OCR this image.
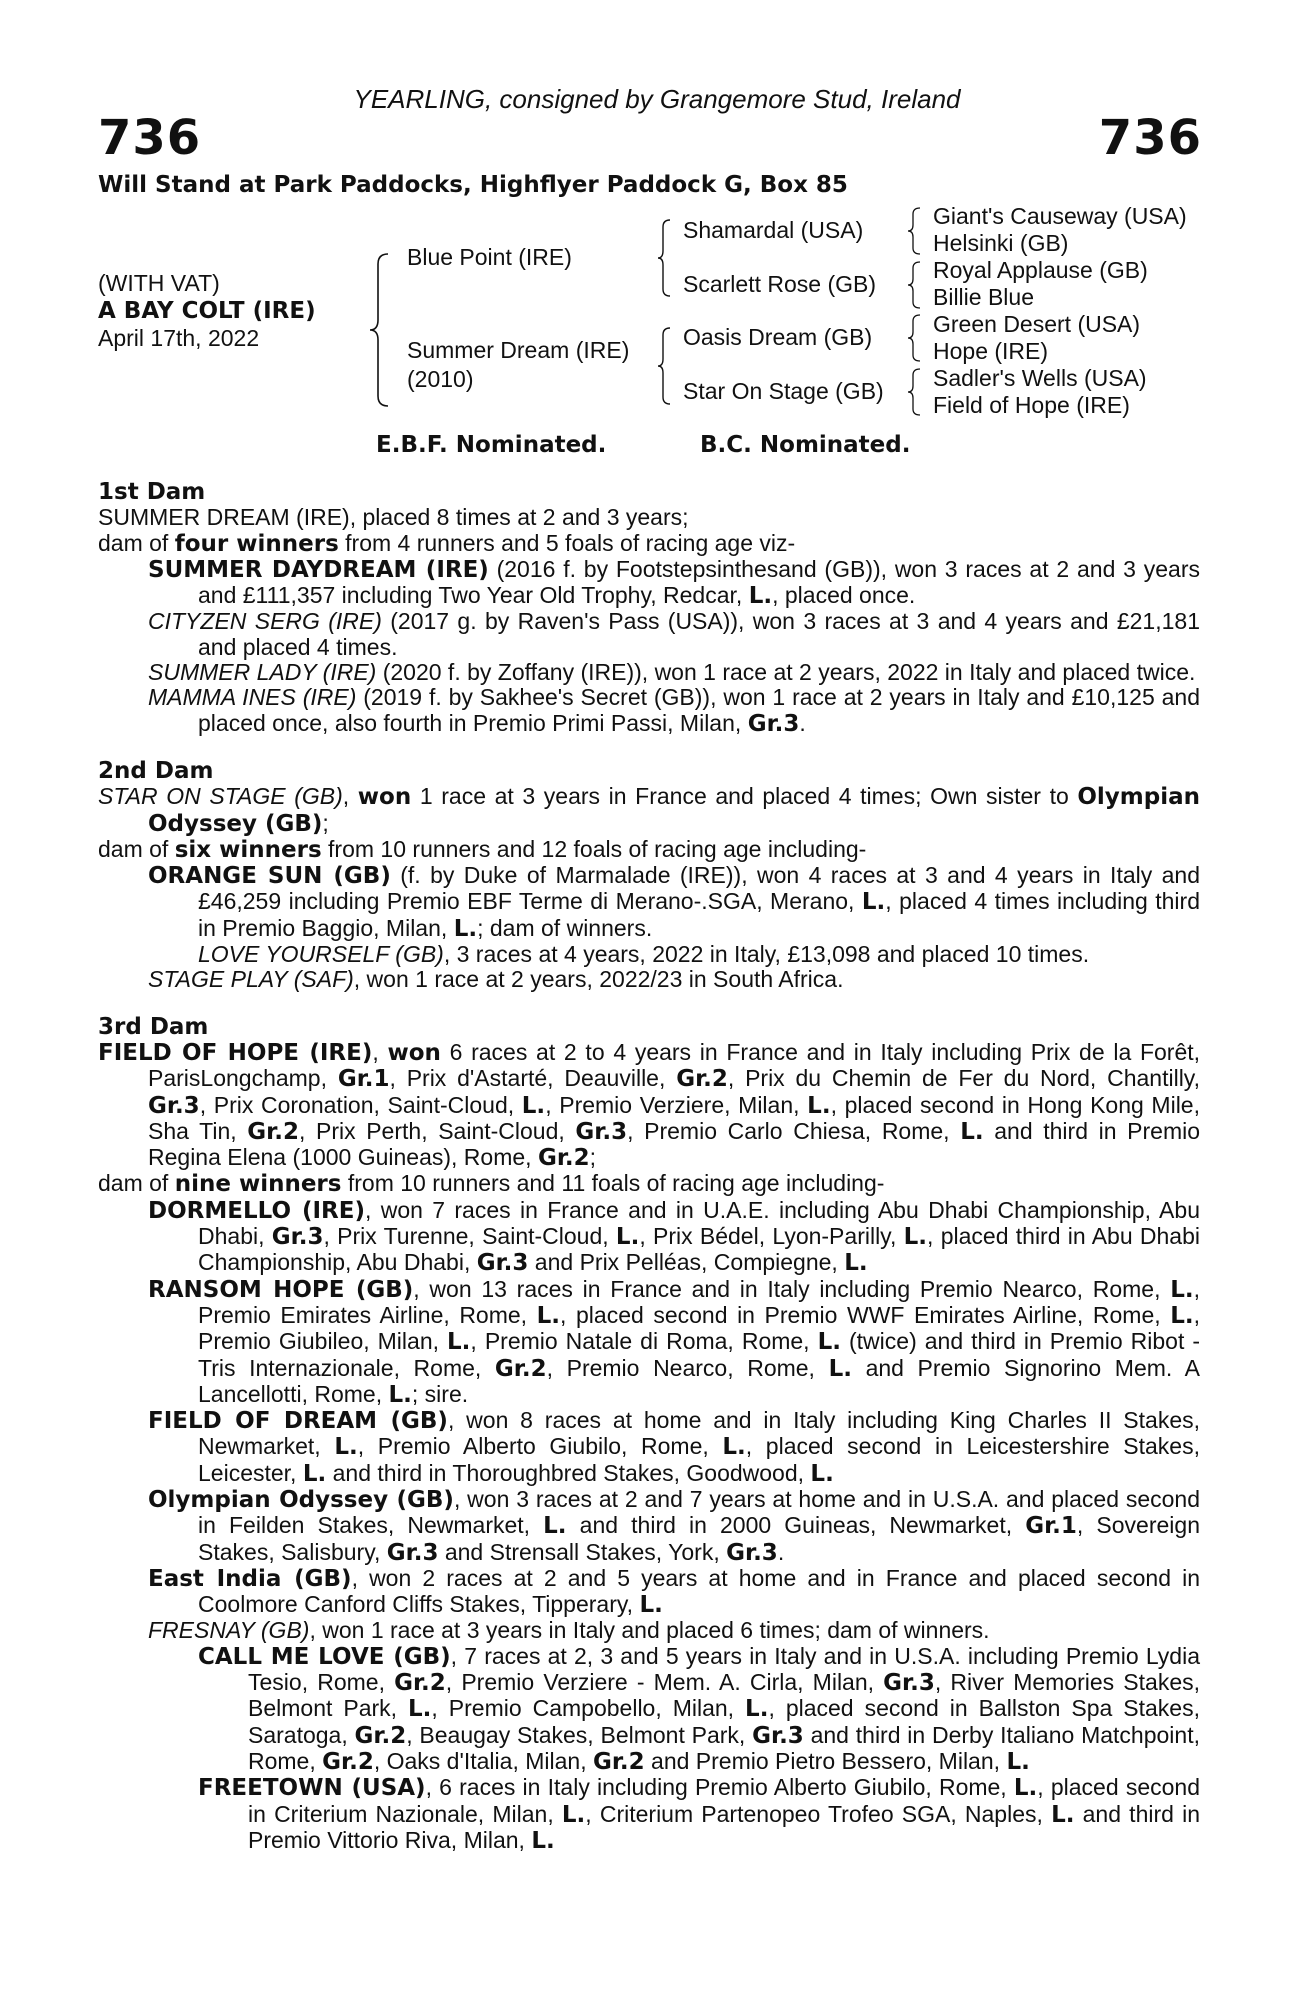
YEARLING, consigned by Grangemore Stud, Ireland
736	736
Will Stand at Park Paddocks, Highflyer Paddock G, Box 85
(WITH VAT)
A BAY COLT (IRE)
April 17th, 2022
Blue Point (IRE)
Summer Dream (IRE)
(2010)
Shamardal (USA)
Scarlett Rose (GB)
Oasis Dream (GB)
Star On Stage (GB)
Giant's Causeway (USA)
Helsinki (GB)
Royal Applause (GB)
Billie Blue
Green Desert (USA)
Hope (IRE)
Sadler's Wells (USA)
Field of Hope (IRE)
E.B.F. Nominated.	B.C. Nominated.

1st Dam

SUMMER DREAM (IRE), placed 8 times at 2 and 3 years;

dam of four winners from 4 runners and 5 foals of racing age viz-

SUMMER DAYDREAM (IRE) (2016 f. by Footstepsinthesand (GB)), won 3 races at 2 and 3 years and £111,357 including Two Year Old Trophy, Redcar, L., placed once.

CITYZEN SERG (IRE) (2017 g. by Raven's Pass (USA)), won 3 races at 3 and 4 years and £21,181 and placed 4 times.

SUMMER LADY (IRE) (2020 f. by Zoffany (IRE)), won 1 race at 2 years, 2022 in Italy and placed twice.

MAMMA INES (IRE) (2019 f. by Sakhee's Secret (GB)), won 1 race at 2 years in Italy and £10,125 and placed once, also fourth in Premio Primi Passi, Milan, Gr.3.

2nd Dam

STAR ON STAGE (GB), won 1 race at 3 years in France and placed 4 times; Own sister to Olympian Odyssey (GB);

dam of six winners from 10 runners and 12 foals of racing age including-

ORANGE SUN (GB) (f. by Duke of Marmalade (IRE)), won 4 races at 3 and 4 years in Italy and £46,259 including Premio EBF Terme di Merano-.SGA, Merano, L., placed 4 times including third in Premio Baggio, Milan, L.; dam of winners.

LOVE YOURSELF (GB), 3 races at 4 years, 2022 in Italy, £13,098 and placed 10 times.

STAGE PLAY (SAF), won 1 race at 2 years, 2022/23 in South Africa.

3rd Dam

FIELD OF HOPE (IRE), won 6 races at 2 to 4 years in France and in Italy including Prix de la Forêt, ParisLongchamp, Gr.1, Prix d'Astarté, Deauville, Gr.2, Prix du Chemin de Fer du Nord, Chantilly, Gr.3, Prix Coronation, Saint-Cloud, L., Premio Verziere, Milan, L., placed second in Hong Kong Mile, Sha Tin, Gr.2, Prix Perth, Saint-Cloud, Gr.3, Premio Carlo Chiesa, Rome, L. and third in Premio Regina Elena (1000 Guineas), Rome, Gr.2;

dam of nine winners from 10 runners and 11 foals of racing age including-

DORMELLO (IRE), won 7 races in France and in U.A.E. including Abu Dhabi Championship, Abu Dhabi, Gr.3, Prix Turenne, Saint-Cloud, L., Prix Bédel, Lyon-Parilly, L., placed third in Abu Dhabi Championship, Abu Dhabi, Gr.3 and Prix Pelléas, Compiegne, L.

RANSOM HOPE (GB), won 13 races in France and in Italy including Premio Nearco, Rome, L., Premio Emirates Airline, Rome, L., placed second in Premio WWF Emirates Airline, Rome, L., Premio Giubileo, Milan, L., Premio Natale di Roma, Rome, L. (twice) and third in Premio Ribot - Tris Internazionale, Rome, Gr.2, Premio Nearco, Rome, L. and Premio Signorino Mem. A Lancellotti, Rome, L.; sire.

FIELD OF DREAM (GB), won 8 races at home and in Italy including King Charles II Stakes, Newmarket, L., Premio Alberto Giubilo, Rome, L., placed second in Leicestershire Stakes, Leicester, L. and third in Thoroughbred Stakes, Goodwood, L.

Olympian Odyssey (GB), won 3 races at 2 and 7 years at home and in U.S.A. and placed second in Feilden Stakes, Newmarket, L. and third in 2000 Guineas, Newmarket, Gr.1, Sovereign Stakes, Salisbury, Gr.3 and Strensall Stakes, York, Gr.3.

East India (GB), won 2 races at 2 and 5 years at home and in France and placed second in Coolmore Canford Cliffs Stakes, Tipperary, L.

FRESNAY (GB), won 1 race at 3 years in Italy and placed 6 times; dam of winners.

CALL ME LOVE (GB), 7 races at 2, 3 and 5 years in Italy and in U.S.A. including Premio Lydia Tesio, Rome, Gr.2, Premio Verziere - Mem. A. Cirla, Milan, Gr.3, River Memories Stakes, Belmont Park, L., Premio Campobello, Milan, L., placed second in Ballston Spa Stakes, Saratoga, Gr.2, Beaugay Stakes, Belmont Park, Gr.3 and third in Derby Italiano Matchpoint, Rome, Gr.2, Oaks d'Italia, Milan, Gr.2 and Premio Pietro Bessero, Milan, L.

FREETOWN (USA), 6 races in Italy including Premio Alberto Giubilo, Rome, L., placed second in Criterium Nazionale, Milan, L., Criterium Partenopeo Trofeo SGA, Naples, L. and third in Premio Vittorio Riva, Milan, L.
